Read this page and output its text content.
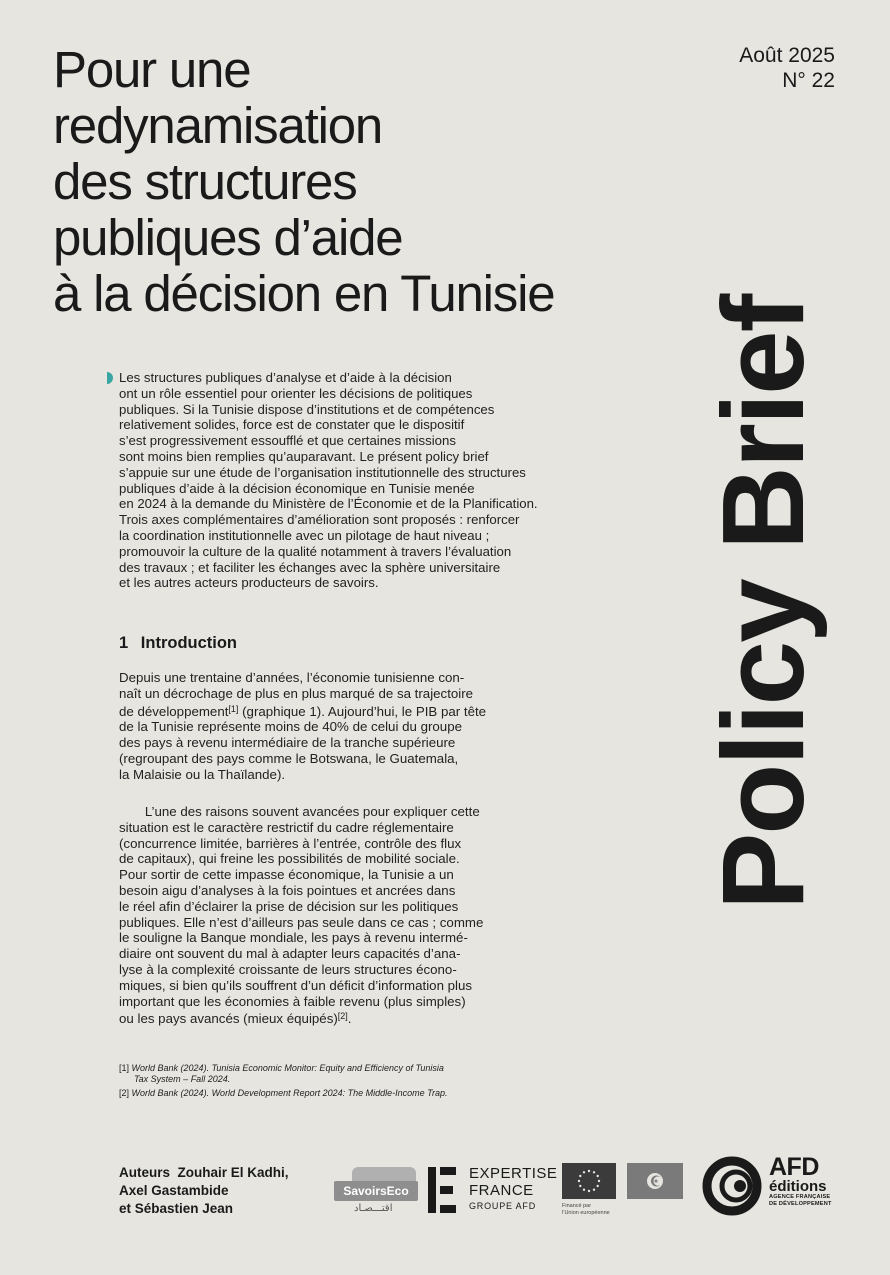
Pour une
redynamisation
des structures
publiques d’aide
à la décision en Tunisie
Août 2025
N° 22
Policy Brief
Les structures publiques d’analyse et d’aide à la décision
ont un rôle essentiel pour orienter les décisions de politiques
publiques. Si la Tunisie dispose d’institutions et de compétences
relativement solides, force est de constater que le dispositif
s’est progressivement essoufflé et que certaines missions
sont moins bien remplies qu’auparavant. Le présent policy brief
s’appuie sur une étude de l’organisation institutionnelle des structures
publiques d’aide à la décision économique en Tunisie menée
en 2024 à la demande du Ministère de l’Économie et de la Planification.
Trois axes complémentaires d’amélioration sont proposés : renforcer
la coordination institutionnelle avec un pilotage de haut niveau ;
promouvoir la culture de la qualité notamment à travers l’évaluation
des travaux ; et faciliter les échanges avec la sphère universitaire
et les autres acteurs producteurs de savoirs.
1 Introduction
Depuis une trentaine d’années, l’économie tunisienne con-
naît un décrochage de plus en plus marqué de sa trajectoire
de développement[1] (graphique 1). Aujourd’hui, le PIB par tête
de la Tunisie représente moins de 40% de celui du groupe
des pays à revenu intermédiaire de la tranche supérieure
(regroupant des pays comme le Botswana, le Guatemala,
la Malaisie ou la Thaïlande).
L’une des raisons souvent avancées pour expliquer cette
situation est le caractère restrictif du cadre réglementaire
(concurrence limitée, barrières à l’entrée, contrôle des flux
de capitaux), qui freine les possibilités de mobilité sociale.
Pour sortir de cette impasse économique, la Tunisie a un
besoin aigu d’analyses à la fois pointues et ancrées dans
le réel afin d’éclairer la prise de décision sur les politiques
publiques. Elle n’est d’ailleurs pas seule dans ce cas ; comme
le souligne la Banque mondiale, les pays à revenu intermé-
diaire ont souvent du mal à adapter leurs capacités d’ana-
lyse à la complexité croissante de leurs structures écono-
miques, si bien qu’ils souffrent d’un déficit d’information plus
important que les économies à faible revenu (plus simples)
ou les pays avancés (mieux équipés)[2].
[1] World Bank (2024). Tunisia Economic Monitor: Equity and Efficiency of Tunisia
Tax System – Fall 2024.
[2] World Bank (2024). World Development Report 2024: The Middle-Income Trap.
Auteurs Zouhair El Kadhi,
Axel Gastambide
et Sébastien Jean
SavoirsEco
اقتـــصـاد
EXPERTISE
FRANCE
GROUPE AFD	Financé par
l’Union européenne
AFD
éditions
AGENCE FRANÇAISE
DE DÉVELOPPEMENT
